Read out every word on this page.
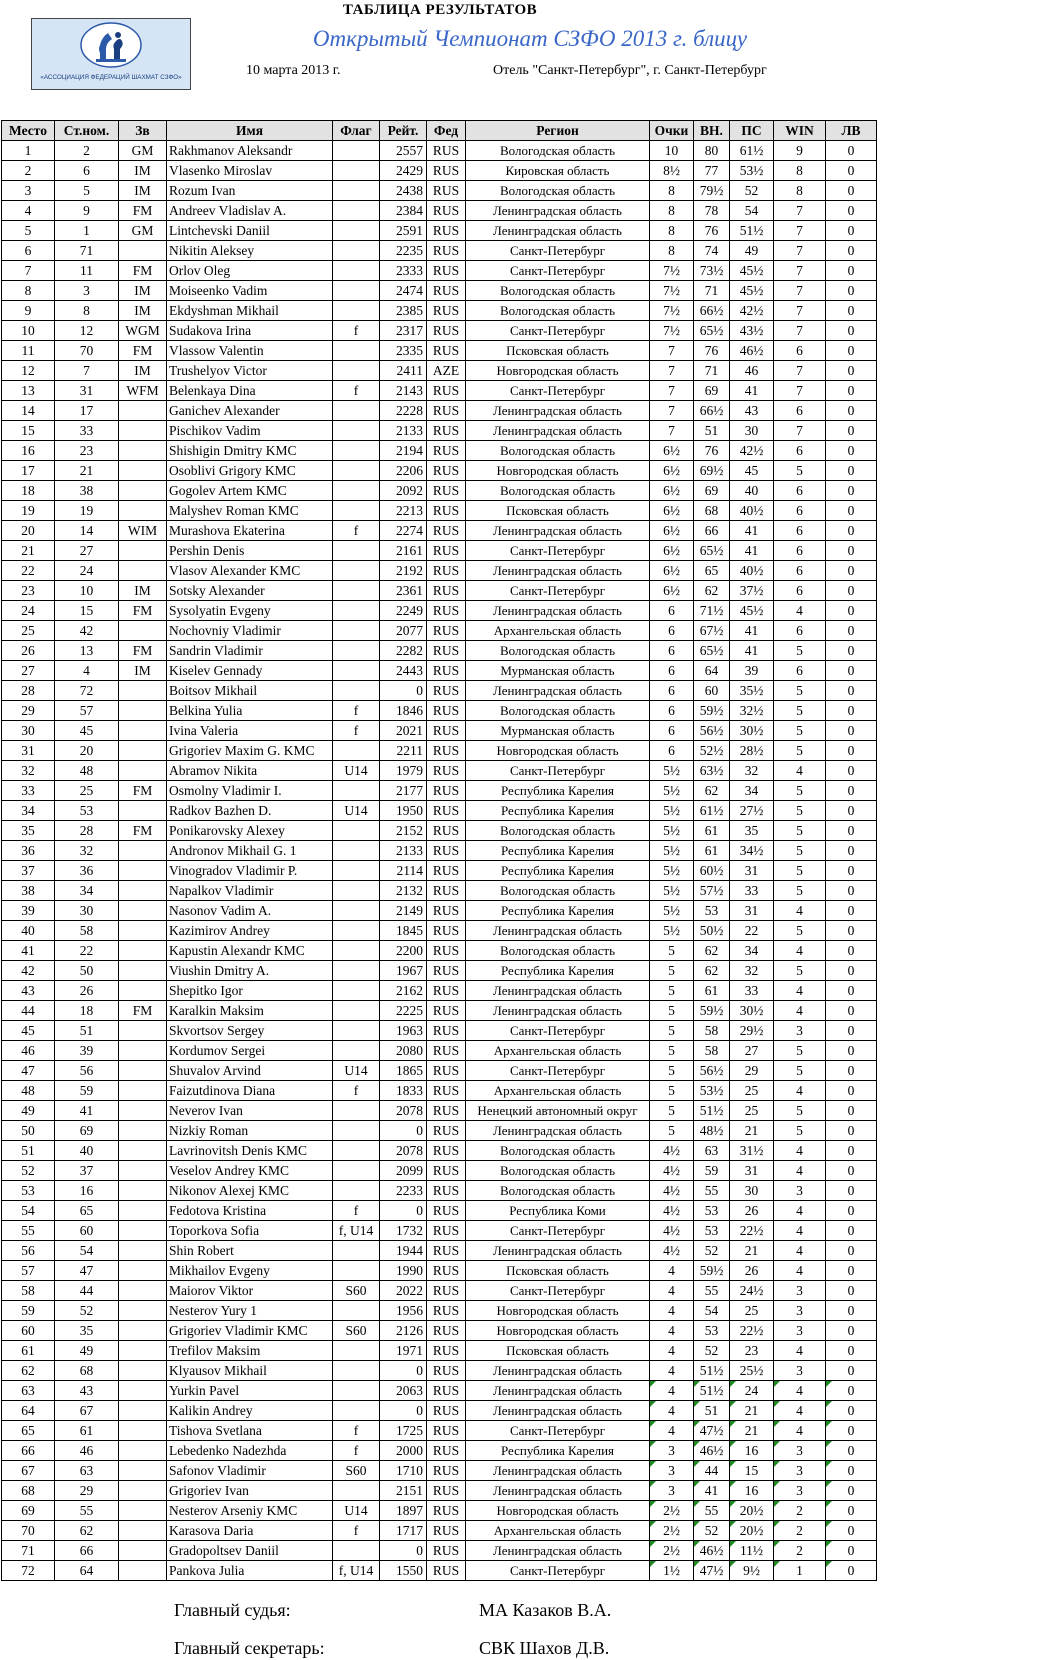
ТАБЛИЦА РЕЗУЛЬТАТОВ
«АССОЦИАЦИЯ ФЕДЕРАЦИЙ ШАХМАТ СЗФО»
Открытый Чемпионат СЗФО 2013 г. блицу
10 марта 2013 г.	Отель "Санкт-Петербург", г. Санкт-Петербург
Место	Ст.ном.	Зв	Имя	Флаг	Рейт.	Фед	Регион	Очки	ВН.	ПС	WIN	ЛВ
1	2	GM	Rakhmanov Aleksandr		2557	RUS	Вологодская область	10	80	61½	9	0
2	6	IM	Vlasenko Miroslav		2429	RUS	Кировская область	8½	77	53½	8	0
3	5	IM	Rozum Ivan		2438	RUS	Вологодская область	8	79½	52	8	0
4	9	FM	Andreev Vladislav A.		2384	RUS	Ленинградская область	8	78	54	7	0
5	1	GM	Lintchevski Daniil		2591	RUS	Ленинградская область	8	76	51½	7	0
6	71		Nikitin Aleksey		2235	RUS	Санкт-Петербург	8	74	49	7	0
7	11	FM	Orlov Oleg		2333	RUS	Санкт-Петербург	7½	73½	45½	7	0
8	3	IM	Moiseenko Vadim		2474	RUS	Вологодская область	7½	71	45½	7	0
9	8	IM	Ekdyshman Mikhail		2385	RUS	Вологодская область	7½	66½	42½	7	0
10	12	WGM	Sudakova Irina	f	2317	RUS	Санкт-Петербург	7½	65½	43½	7	0
11	70	FM	Vlassow Valentin		2335	RUS	Псковская область	7	76	46½	6	0
12	7	IM	Trushelyov Victor		2411	AZE	Новгородская область	7	71	46	7	0
13	31	WFM	Belenkaya Dina	f	2143	RUS	Санкт-Петербург	7	69	41	7	0
14	17		Ganichev Alexander		2228	RUS	Ленинградская область	7	66½	43	6	0
15	33		Pischikov Vadim		2133	RUS	Ленинградская область	7	51	30	7	0
16	23		Shishigin Dmitry KMC		2194	RUS	Вологодская область	6½	76	42½	6	0
17	21		Osoblivi Grigory KMC		2206	RUS	Новгородская область	6½	69½	45	5	0
18	38		Gogolev Artem KMC		2092	RUS	Вологодская область	6½	69	40	6	0
19	19		Malyshev Roman KMC		2213	RUS	Псковская область	6½	68	40½	6	0
20	14	WIM	Murashova Ekaterina	f	2274	RUS	Ленинградская область	6½	66	41	6	0
21	27		Pershin Denis		2161	RUS	Санкт-Петербург	6½	65½	41	6	0
22	24		Vlasov Alexander KMC		2192	RUS	Ленинградская область	6½	65	40½	6	0
23	10	IM	Sotsky Alexander		2361	RUS	Санкт-Петербург	6½	62	37½	6	0
24	15	FM	Sysolyatin Evgeny		2249	RUS	Ленинградская область	6	71½	45½	4	0
25	42		Nochovniy Vladimir		2077	RUS	Архангельская область	6	67½	41	6	0
26	13	FM	Sandrin Vladimir		2282	RUS	Вологодская область	6	65½	41	5	0
27	4	IM	Kiselev Gennady		2443	RUS	Мурманская область	6	64	39	6	0
28	72		Boitsov Mikhail		0	RUS	Ленинградская область	6	60	35½	5	0
29	57		Belkina Yulia	f	1846	RUS	Вологодская область	6	59½	32½	5	0
30	45		Ivina Valeria	f	2021	RUS	Мурманская область	6	56½	30½	5	0
31	20		Grigoriev Maxim G. KMC		2211	RUS	Новгородская область	6	52½	28½	5	0
32	48		Abramov Nikita	U14	1979	RUS	Санкт-Петербург	5½	63½	32	4	0
33	25	FM	Osmolny Vladimir I.		2177	RUS	Республика Карелия	5½	62	34	5	0
34	53		Radkov Bazhen D.	U14	1950	RUS	Республика Карелия	5½	61½	27½	5	0
35	28	FM	Ponikarovsky Alexey		2152	RUS	Вологодская область	5½	61	35	5	0
36	32		Andronov Mikhail G. 1		2133	RUS	Республика Карелия	5½	61	34½	5	0
37	36		Vinogradov Vladimir P.		2114	RUS	Республика Карелия	5½	60½	31	5	0
38	34		Napalkov Vladimir		2132	RUS	Вологодская область	5½	57½	33	5	0
39	30		Nasonov Vadim A.		2149	RUS	Республика Карелия	5½	53	31	4	0
40	58		Kazimirov Andrey		1845	RUS	Ленинградская область	5½	50½	22	5	0
41	22		Kapustin Alexandr KMC		2200	RUS	Вологодская область	5	62	34	4	0
42	50		Viushin Dmitry A.		1967	RUS	Республика Карелия	5	62	32	5	0
43	26		Shepitko Igor		2162	RUS	Ленинградская область	5	61	33	4	0
44	18	FM	Karalkin Maksim		2225	RUS	Ленинградская область	5	59½	30½	4	0
45	51		Skvortsov Sergey		1963	RUS	Санкт-Петербург	5	58	29½	3	0
46	39		Kordumov Sergei		2080	RUS	Архангельская область	5	58	27	5	0
47	56		Shuvalov Arvind	U14	1865	RUS	Санкт-Петербург	5	56½	29	5	0
48	59		Faizutdinova Diana	f	1833	RUS	Архангельская область	5	53½	25	4	0
49	41		Neverov Ivan		2078	RUS	Ненецкий автономный округ	5	51½	25	5	0
50	69		Nizkiy Roman		0	RUS	Ленинградская область	5	48½	21	5	0
51	40		Lavrinovitsh Denis KMC		2078	RUS	Вологодская область	4½	63	31½	4	0
52	37		Veselov Andrey KMC		2099	RUS	Вологодская область	4½	59	31	4	0
53	16		Nikonov Alexej KMC		2233	RUS	Вологодская область	4½	55	30	3	0
54	65		Fedotova Kristina	f	0	RUS	Республика Коми	4½	53	26	4	0
55	60		Toporkova Sofia	f, U14	1732	RUS	Санкт-Петербург	4½	53	22½	4	0
56	54		Shin Robert		1944	RUS	Ленинградская область	4½	52	21	4	0
57	47		Mikhailov Evgeny		1990	RUS	Псковская область	4	59½	26	4	0
58	44		Maiorov Viktor	S60	2022	RUS	Санкт-Петербург	4	55	24½	3	0
59	52		Nesterov Yury 1		1956	RUS	Новгородская область	4	54	25	3	0
60	35		Grigoriev Vladimir KMC	S60	2126	RUS	Новгородская область	4	53	22½	3	0
61	49		Trefilov Maksim		1971	RUS	Псковская область	4	52	23	4	0
62	68		Klyausov Mikhail		0	RUS	Ленинградская область	4	51½	25½	3	0
63	43		Yurkin Pavel		2063	RUS	Ленинградская область	4	51½	24	4	0
64	67		Kalikin Andrey		0	RUS	Ленинградская область	4	51	21	4	0
65	61		Tishova Svetlana	f	1725	RUS	Санкт-Петербург	4	47½	21	4	0
66	46		Lebedenko Nadezhda	f	2000	RUS	Республика Карелия	3	46½	16	3	0
67	63		Safonov Vladimir	S60	1710	RUS	Ленинградская область	3	44	15	3	0
68	29		Grigoriev Ivan		2151	RUS	Ленинградская область	3	41	16	3	0
69	55		Nesterov Arseniy KMC	U14	1897	RUS	Новгородская область	2½	55	20½	2	0
70	62		Karasova Daria	f	1717	RUS	Архангельская область	2½	52	20½	2	0
71	66		Gradopoltsev Daniil		0	RUS	Ленинградская область	2½	46½	11½	2	0
72	64		Pankova Julia	f, U14	1550	RUS	Санкт-Петербург	1½	47½	9½	1	0
Главный судья:	МА Казаков В.А.
Главный секретарь:	СВК Шахов Д.В.
